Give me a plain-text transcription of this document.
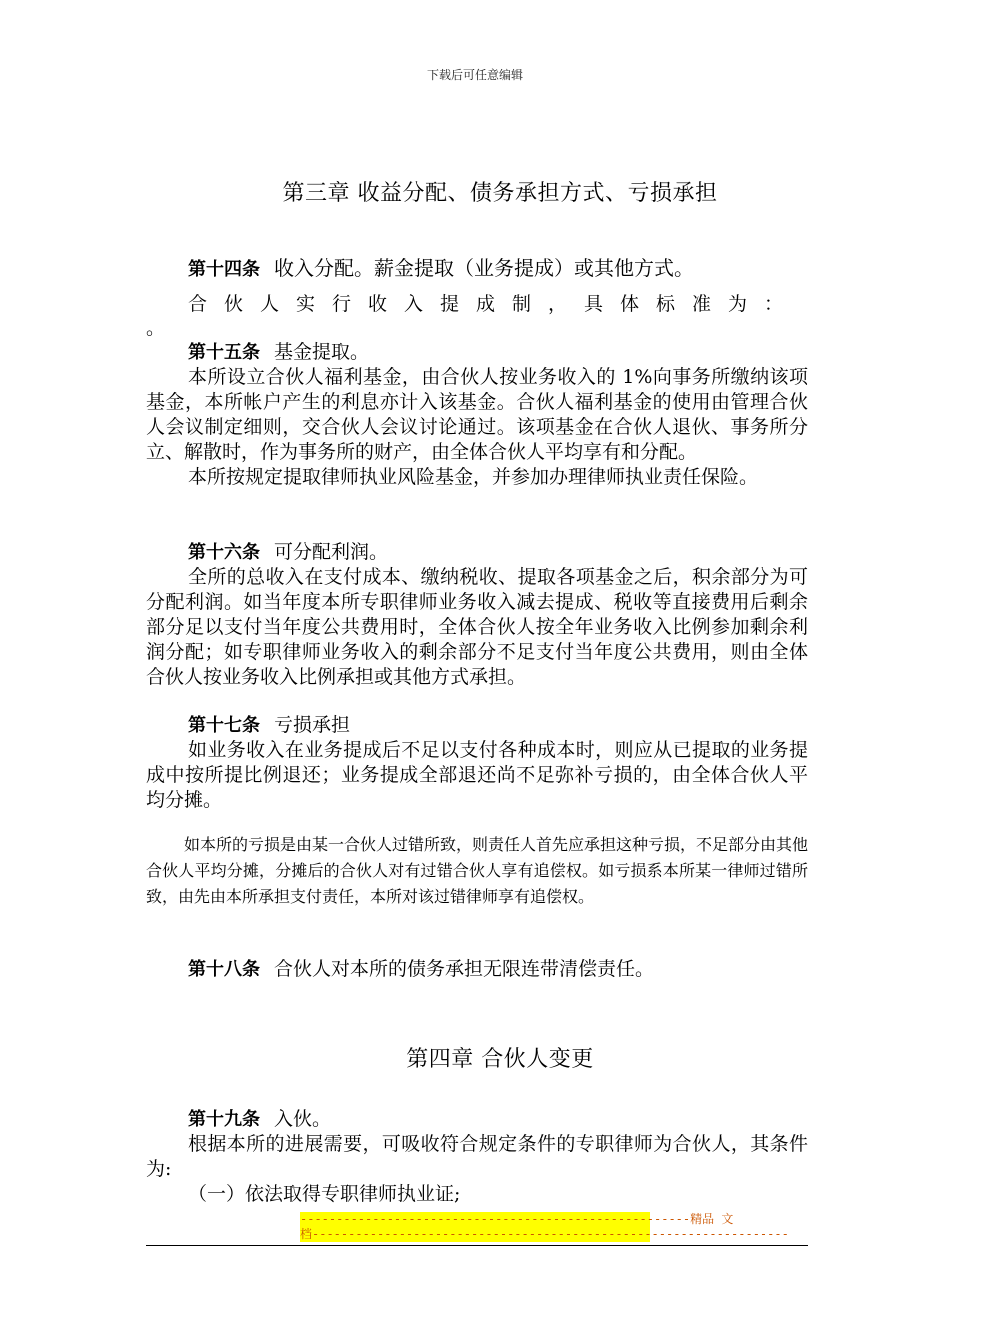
下载后可任意编辑
第三章 收益分配、债务承担方式、亏损承担
第十四条 收入分配。薪金提取（业务提成）或其他方式。
合伙人实行收入提成制，具体标准为：
。
第十五条 基金提取。
本所设立合伙人福利基金，由合伙人按业务收入的 1%向事务所缴纳该项基金，本所帐户产生的利息亦计入该基金。合伙人福利基金的使用由管理合伙人会议制定细则，交合伙人会议讨论通过。该项基金在合伙人退伙、事务所分立、解散时，作为事务所的财产，由全体合伙人平均享有和分配。
本所按规定提取律师执业风险基金，并参加办理律师执业责任保险。
第十六条 可分配利润。
全所的总收入在支付成本、缴纳税收、提取各项基金之后，积余部分为可分配利润。如当年度本所专职律师业务收入减去提成、税收等直接费用后剩余部分足以支付当年度公共费用时，全体合伙人按全年业务收入比例参加剩余利润分配；如专职律师业务收入的剩余部分不足支付当年度公共费用，则由全体合伙人按业务收入比例承担或其他方式承担。
第十七条 亏损承担
如业务收入在业务提成后不足以支付各种成本时，则应从已提取的业务提成中按所提比例退还；业务提成全部退还尚不足弥补亏损的，由全体合伙人平均分摊。
如本所的亏损是由某一合伙人过错所致，则责任人首先应承担这种亏损，不足部分由其他合伙人平均分摊，分摊后的合伙人对有过错合伙人享有追偿权。如亏损系本所某一律师过错所致，由先由本所承担支付责任，本所对该过错律师享有追偿权。
第十八条 合伙人对本所的债务承担无限连带清偿责任。
第四章 合伙人变更
第十九条 入伙。
根据本所的进展需要，可吸收符合规定条件的专职律师为合伙人，其条件为:
（一）依法取得专职律师执业证;
------------------------------------------------------精品 文
档------------------------------------------------------------------
